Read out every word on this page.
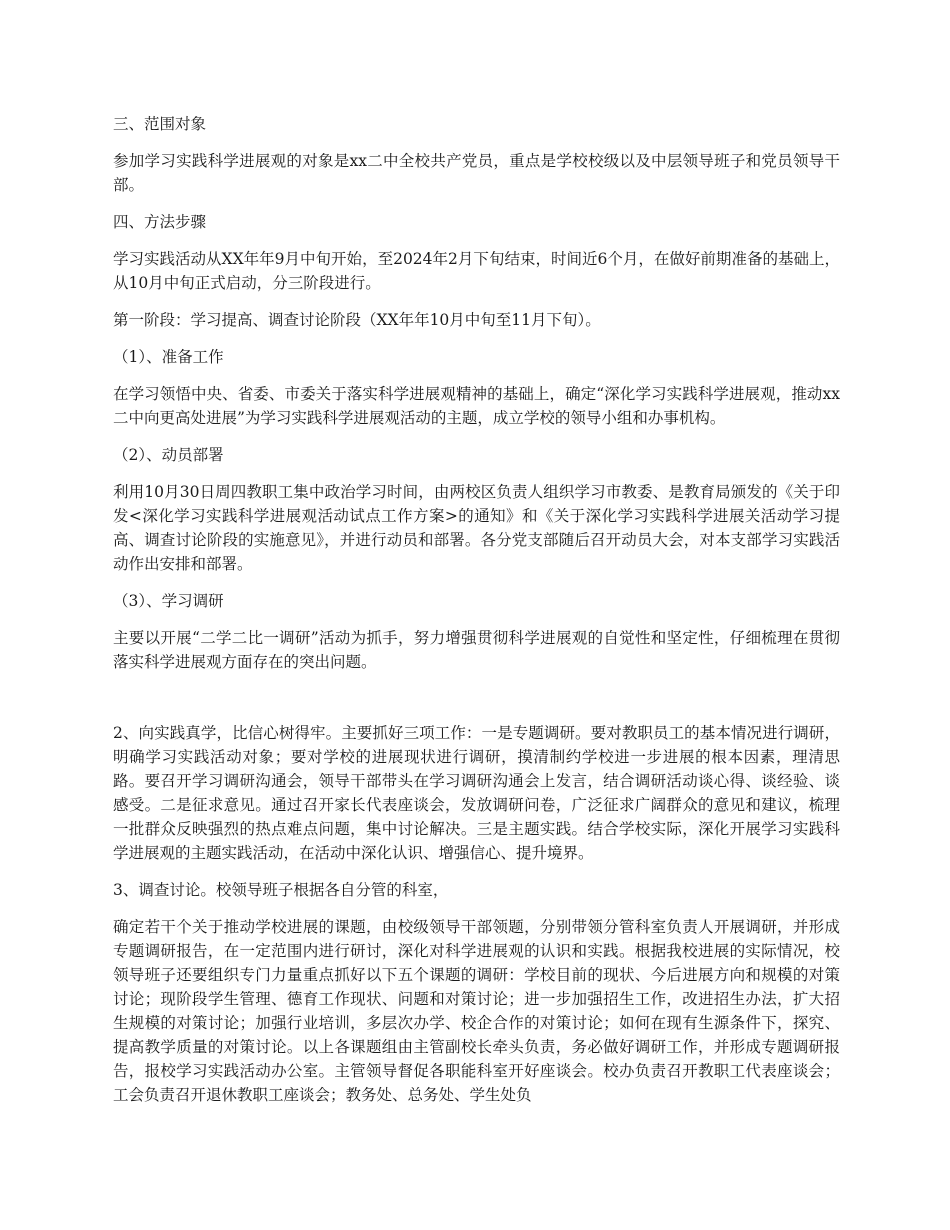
三、范围对象

参加学习实践科学进展观的对象是xx二中全校共产党员，重点是学校校级以及中层领导班子和党员领导干部。

四、方法步骤

学习实践活动从XX年年9月中旬开始，至2024年2月下旬结束，时间近6个月，在做好前期准备的基础上，从10月中旬正式启动，分三阶段进行。

第一阶段：学习提高、调查讨论阶段（XX年年10月中旬至11月下旬）。

（1）、准备工作

在学习领悟中央、省委、市委关于落实科学进展观精神的基础上，确定“深化学习实践科学进展观，推动xx二中向更高处进展”为学习实践科学进展观活动的主题，成立学校的领导小组和办事机构。

（2）、动员部署

利用10月30日周四教职工集中政治学习时间，由两校区负责人组织学习市教委、是教育局颁发的《关于印发<深化学习实践科学进展观活动试点工作方案>的通知》和《关于深化学习实践科学进展关活动学习提高、调查讨论阶段的实施意见》，并进行动员和部署。各分党支部随后召开动员大会，对本支部学习实践活动作出安排和部署。

（3）、学习调研

主要以开展“二学二比一调研”活动为抓手，努力增强贯彻科学进展观的自觉性和坚定性，仔细梳理在贯彻落实科学进展观方面存在的突出问题。

2、向实践真学，比信心树得牢。主要抓好三项工作：一是专题调研。要对教职员工的基本情况进行调研，明确学习实践活动对象；要对学校的进展现状进行调研，摸清制约学校进一步进展的根本因素，理清思路。要召开学习调研沟通会，领导干部带头在学习调研沟通会上发言，结合调研活动谈心得、谈经验、谈感受。二是征求意见。通过召开家长代表座谈会，发放调研问卷，广泛征求广阔群众的意见和建议，梳理一批群众反映强烈的热点难点问题，集中讨论解决。三是主题实践。结合学校实际，深化开展学习实践科学进展观的主题实践活动，在活动中深化认识、增强信心、提升境界。

3、调查讨论。校领导班子根据各自分管的科室，

确定若干个关于推动学校进展的课题，由校级领导干部领题，分别带领分管科室负责人开展调研，并形成专题调研报告，在一定范围内进行研讨，深化对科学进展观的认识和实践。根据我校进展的实际情况，校领导班子还要组织专门力量重点抓好以下五个课题的调研：学校目前的现状、今后进展方向和规模的对策讨论；现阶段学生管理、德育工作现状、问题和对策讨论；进一步加强招生工作，改进招生办法，扩大招生规模的对策讨论；加强行业培训，多层次办学、校企合作的对策讨论；如何在现有生源条件下，探究、提高教学质量的对策讨论。以上各课题组由主管副校长牵头负责，务必做好调研工作，并形成专题调研报告，报校学习实践活动办公室。主管领导督促各职能科室开好座谈会。校办负责召开教职工代表座谈会；工会负责召开退休教职工座谈会；教务处、总务处、学生处负
